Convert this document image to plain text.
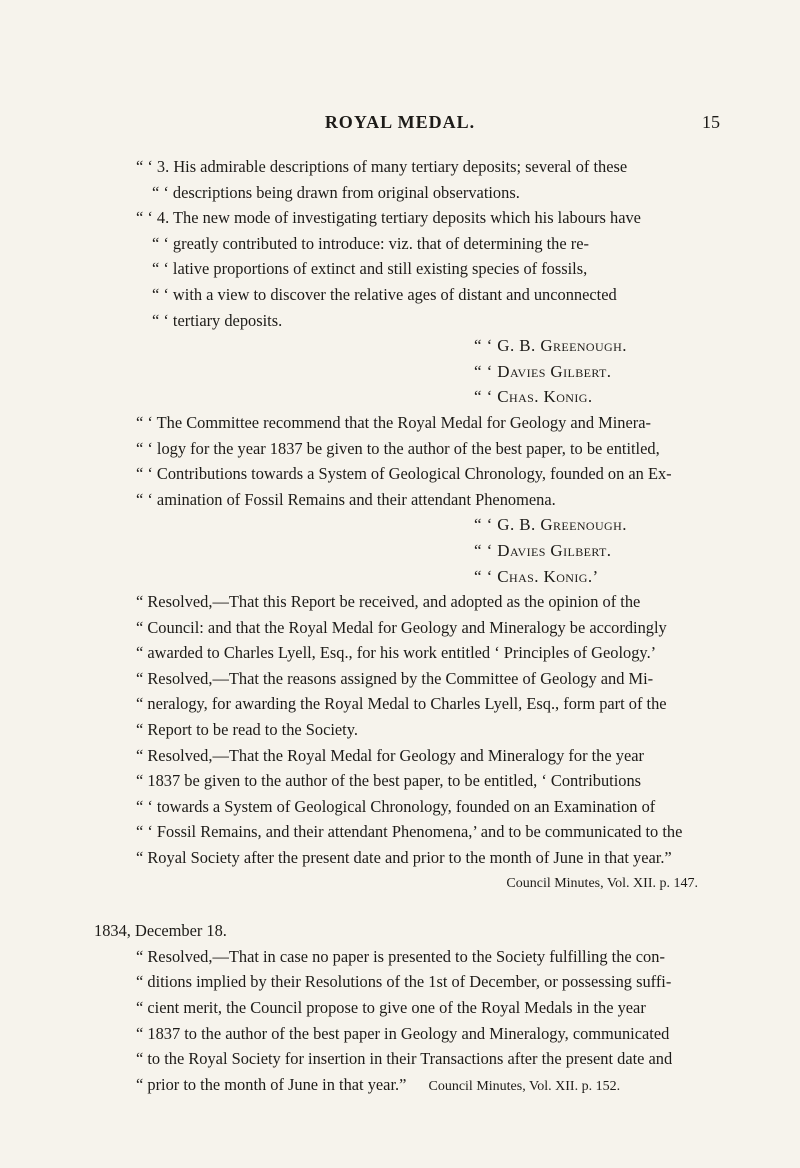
ROYAL MEDAL.	15
“ ‘ 3. His admirable descriptions of many tertiary deposits; several of these
“ ‘ descriptions being drawn from original observations.
“ ‘ 4. The new mode of investigating tertiary deposits which his labours have
“ ‘ greatly contributed to introduce: viz. that of determining the re-
“ ‘ lative proportions of extinct and still existing species of fossils,
“ ‘ with a view to discover the relative ages of distant and unconnected
“ ‘ tertiary deposits.
“ ‘ G. B. Greenough.
“ ‘ Davies Gilbert.
“ ‘ Chas. Konig.
“ ‘ The Committee recommend that the Royal Medal for Geology and Minera-
“ ‘ logy for the year 1837 be given to the author of the best paper, to be entitled,
“ ‘ Contributions towards a System of Geological Chronology, founded on an Ex-
“ ‘ amination of Fossil Remains and their attendant Phenomena.
“ ‘ G. B. Greenough.
“ ‘ Davies Gilbert.
“ ‘ Chas. Konig.’
“ Resolved,—That this Report be received, and adopted as the opinion of the
“ Council: and that the Royal Medal for Geology and Mineralogy be accordingly
“ awarded to Charles Lyell, Esq., for his work entitled ‘ Principles of Geology.’
“ Resolved,—That the reasons assigned by the Committee of Geology and Mi-
“ neralogy, for awarding the Royal Medal to Charles Lyell, Esq., form part of the
“ Report to be read to the Society.
“ Resolved,—That the Royal Medal for Geology and Mineralogy for the year
“ 1837 be given to the author of the best paper, to be entitled, ‘ Contributions
“ ‘ towards a System of Geological Chronology, founded on an Examination of
“ ‘ Fossil Remains, and their attendant Phenomena,’ and to be communicated to the
“ Royal Society after the present date and prior to the month of June in that year.”
Council Minutes, Vol. XII. p. 147.
1834, December 18.
“ Resolved,—That in case no paper is presented to the Society fulfilling the con-
“ ditions implied by their Resolutions of the 1st of December, or possessing suffi-
“ cient merit, the Council propose to give one of the Royal Medals in the year
“ 1837 to the author of the best paper in Geology and Mineralogy, communicated
“ to the Royal Society for insertion in their Transactions after the present date and
“ prior to the month of June in that year.” Council Minutes, Vol. XII. p. 152.
